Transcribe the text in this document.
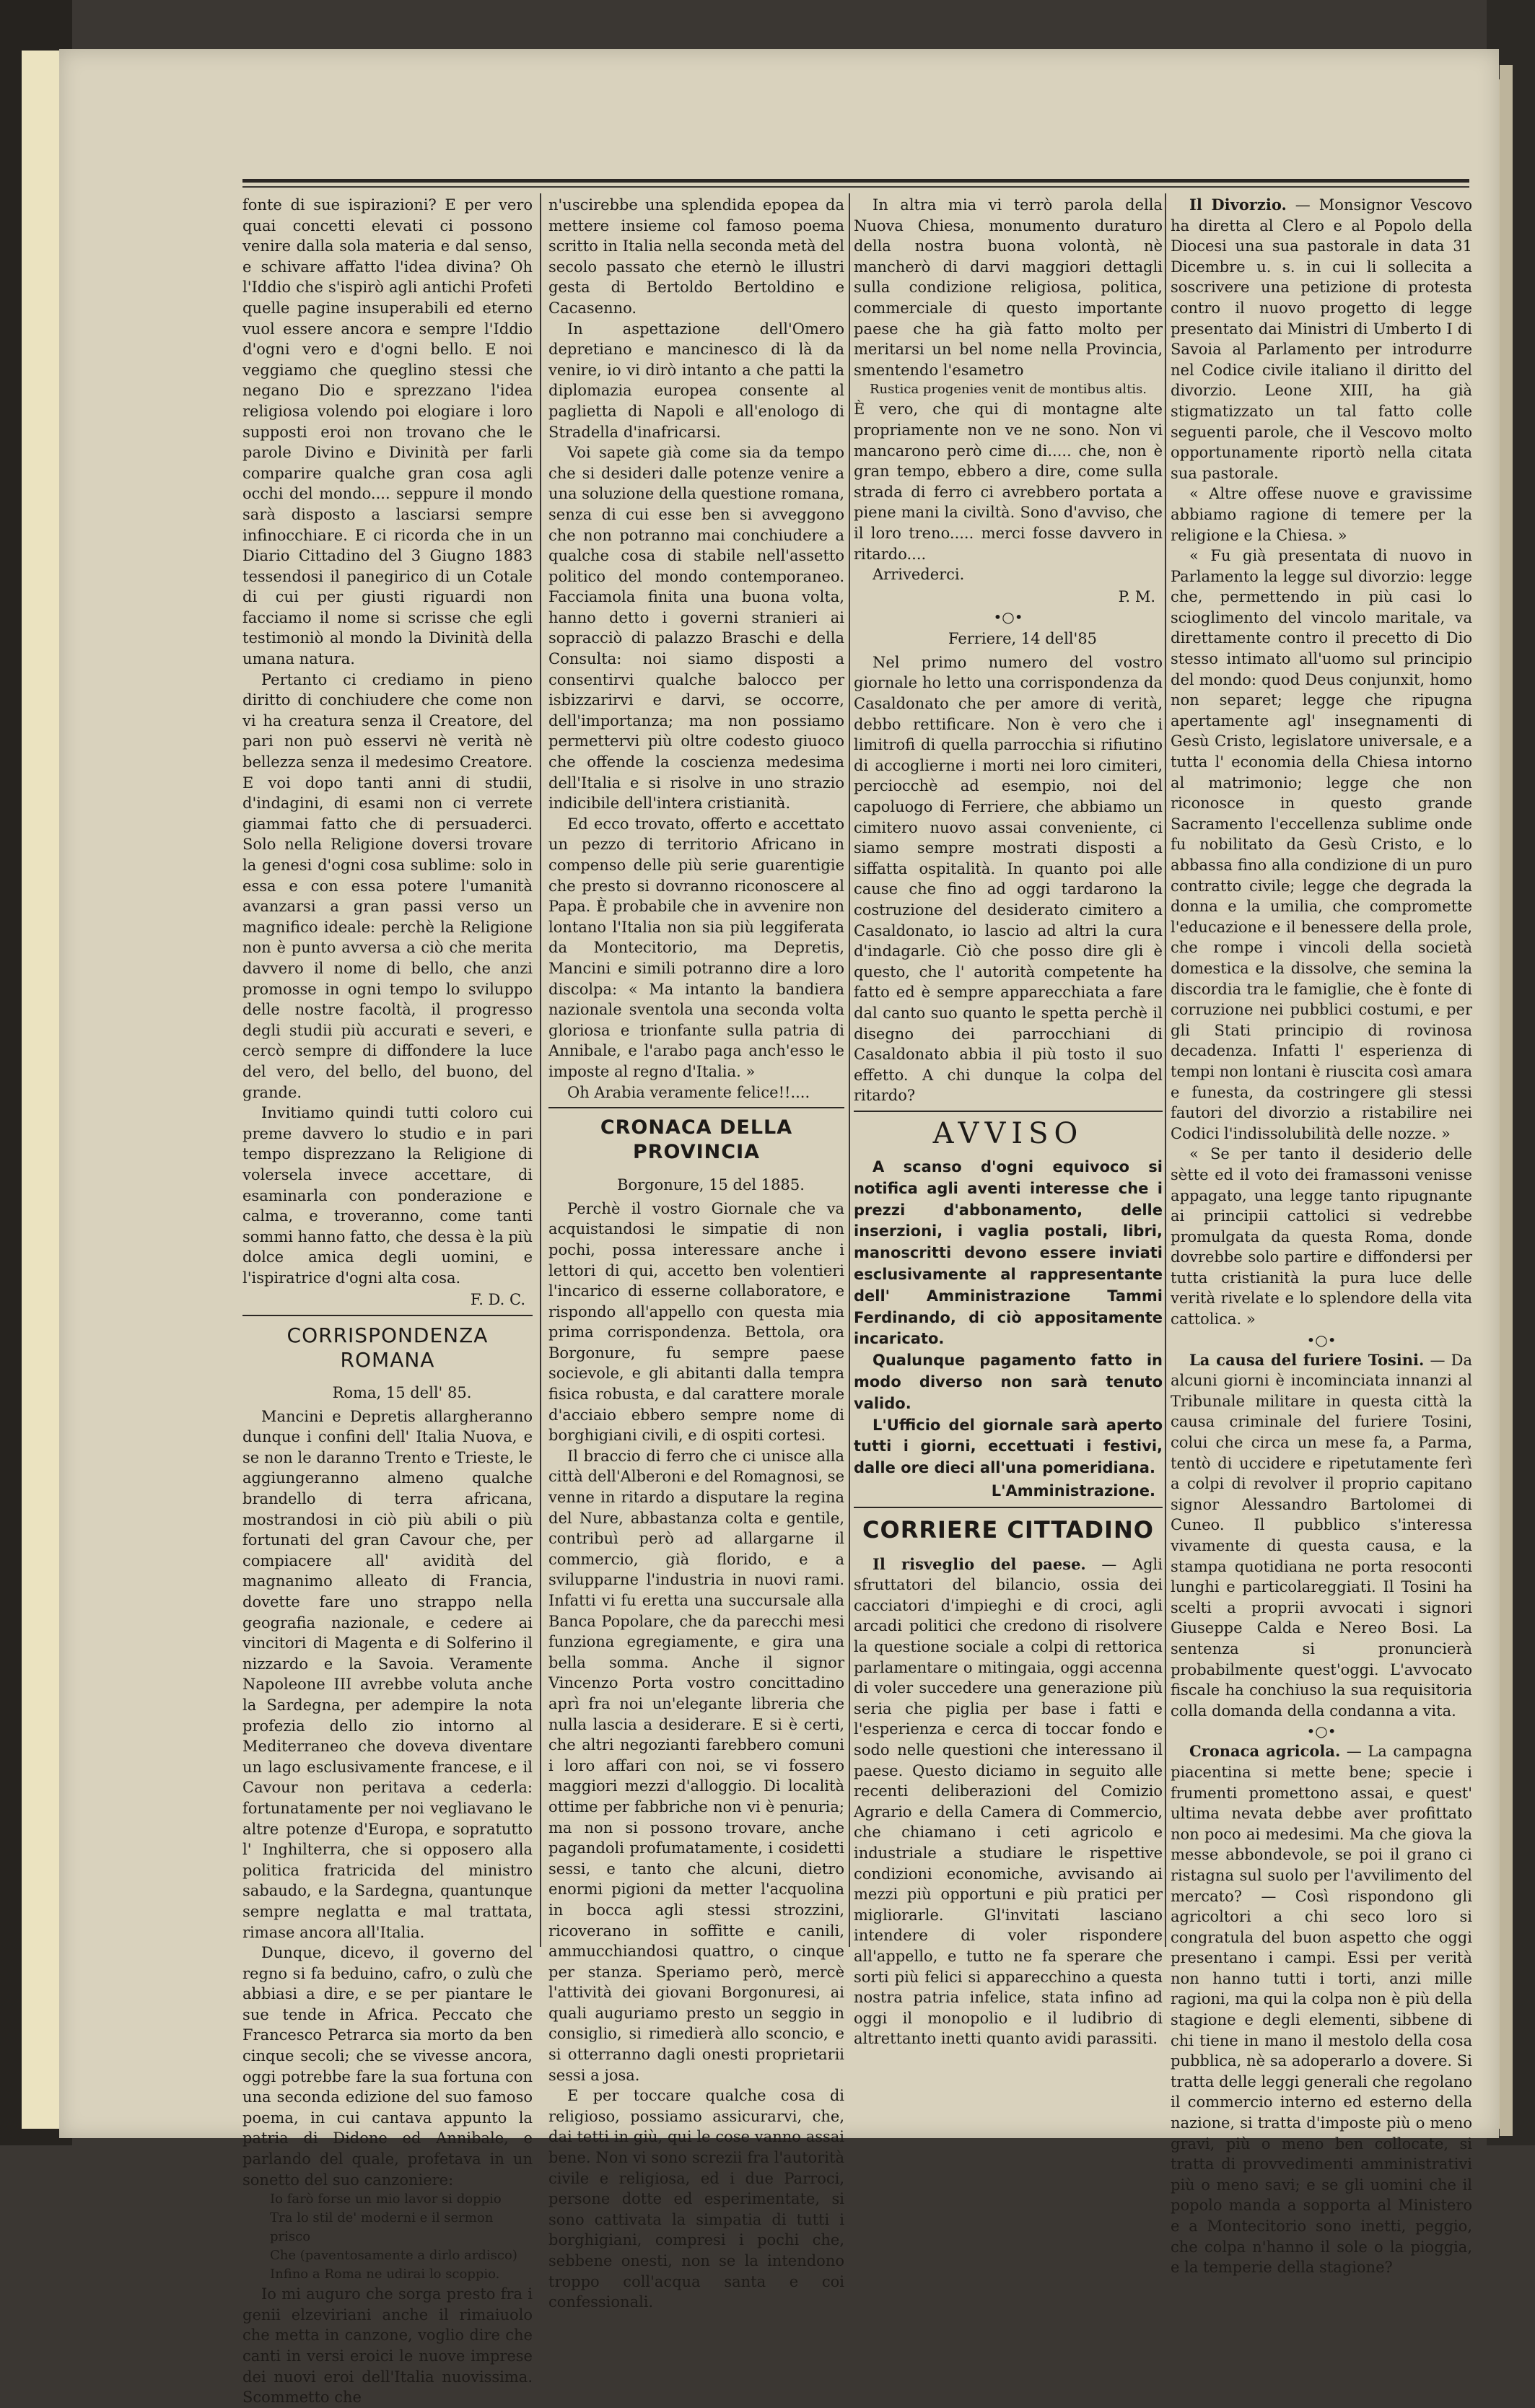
fonte di sue ispirazioni? E per vero quai concetti elevati ci possono venire dalla sola materia e dal senso, e schivare affatto l'idea divina? Oh l'Iddio che s'ispirò agli antichi Profeti quelle pagine insuperabili ed eterno vuol essere ancora e sempre l'Iddio d'ogni vero e d'ogni bello. E noi veggiamo che queglino stessi che negano Dio e sprezzano l'idea religiosa volendo poi elogiare i loro supposti eroi non trovano che le parole Divino e Divinità per farli comparire qualche gran cosa agli occhi del mondo.... seppure il mondo sarà disposto a lasciarsi sempre infinocchiare. E ci ricorda che in un Diario Cittadino del 3 Giugno 1883 tessendosi il panegirico di un Cotale di cui per giusti riguardi non facciamo il nome si scrisse che egli testimoniò al mondo la Divinità della umana natura.

Pertanto ci crediamo in pieno diritto di conchiudere che come non vi ha creatura senza il Creatore, del pari non può esservi nè verità nè bellezza senza il medesimo Creatore. E voi dopo tanti anni di studii, d'indagini, di esami non ci verrete giammai fatto che di persuaderci. Solo nella Religione doversi trovare la genesi d'ogni cosa sublime: solo in essa e con essa potere l'umanità avanzarsi a gran passi verso un magnifico ideale: perchè la Religione non è punto avversa a ciò che merita davvero il nome di bello, che anzi promosse in ogni tempo lo sviluppo delle nostre facoltà, il progresso degli studii più accurati e severi, e cercò sempre di diffondere la luce del vero, del bello, del buono, del grande.

Invitiamo quindi tutti coloro cui preme davvero lo studio e in pari tempo disprezzano la Religione di volersela invece accettare, di esaminarla con ponderazione e calma, e troveranno, come tanti sommi hanno fatto, che dessa è la più dolce amica degli uomini, e l'ispiratrice d'ogni alta cosa.

F. D. C.
CORRISPONDENZA ROMANA
Roma, 15 dell' 85.

Mancini e Depretis allargheranno dunque i confini dell' Italia Nuova, e se non le daranno Trento e Trieste, le aggiungeranno almeno qualche brandello di terra africana, mostrandosi in ciò più abili o più fortunati del gran Cavour che, per compiacere all' avidità del magnanimo alleato di Francia, dovette fare uno strappo nella geografia nazionale, e cedere ai vincitori di Magenta e di Solferino il nizzardo e la Savoia. Veramente Napoleone III avrebbe voluta anche la Sardegna, per adempire la nota profezia dello zio intorno al Mediterraneo che doveva diventare un lago esclusivamente francese, e il Cavour non peritava a cederla: fortunatamente per noi vegliavano le altre potenze d'Europa, e sopratutto l' Inghilterra, che si opposero alla politica fratricida del ministro sabaudo, e la Sardegna, quantunque sempre neglatta e mal trattata, rimase ancora all'Italia.

Dunque, dicevo, il governo del regno si fa beduino, cafro, o zulù che abbiasi a dire, e se per piantare le sue tende in Africa. Peccato che Francesco Petrarca sia morto da ben cinque secoli; che se vivesse ancora, oggi potrebbe fare la sua fortuna con una seconda edizione del suo famoso poema, in cui cantava appunto la patria di Didone ed Annibale, e parlando del quale, profetava in un sonetto del suo canzoniere:

Io farò forse un mio lavor si doppio
Tra lo stil de' moderni e il sermon prisco
Che (paventosamente a dirlo ardisco)
Infino a Roma ne udirai lo scoppio.

Io mi auguro che sorga presto fra i genii elzeviriani anche il rimaiuolo che metta in canzone, voglio dire che canti in versi eroici le nuove imprese dei nuovi eroi dell'Italia nuovissima. Scommetto che

n'uscirebbe una splendida epopea da mettere insieme col famoso poema scritto in Italia nella seconda metà del secolo passato che eternò le illustri gesta di Bertoldo Bertoldino e Cacasenno.

In aspettazione dell'Omero depretiano e mancinesco di là da venire, io vi dirò intanto a che patti la diplomazia europea consente al paglietta di Napoli e all'enologo di Stradella d'inafricarsi.

Voi sapete già come sia da tempo che si desideri dalle potenze venire a una soluzione della questione romana, senza di cui esse ben si avveggono che non potranno mai conchiudere a qualche cosa di stabile nell'assetto politico del mondo contemporaneo. Facciamola finita una buona volta, hanno detto i governi stranieri ai sopracciò di palazzo Braschi e della Consulta: noi siamo disposti a consentirvi qualche balocco per isbizzarirvi e darvi, se occorre, dell'importanza; ma non possiamo permettervi più oltre codesto giuoco che offende la coscienza medesima dell'Italia e si risolve in uno strazio indicibile dell'intera cristianità.

Ed ecco trovato, offerto e accettato un pezzo di territorio Africano in compenso delle più serie guarentigie che presto si dovranno riconoscere al Papa. È probabile che in avvenire non lontano l'Italia non sia più leggiferata da Montecitorio, ma Depretis, Mancini e simili potranno dire a loro discolpa: « Ma intanto la bandiera nazionale sventola una seconda volta gloriosa e trionfante sulla patria di Annibale, e l'arabo paga anch'esso le imposte al regno d'Italia. »

Oh Arabia veramente felice!!....

CRONACA DELLA PROVINCIA
Borgonure, 15 del 1885.

Perchè il vostro Giornale che va acquistandosi le simpatie di non pochi, possa interessare anche i lettori di qui, accetto ben volentieri l'incarico di esserne collaboratore, e rispondo all'appello con questa mia prima corrispondenza. Bettola, ora Borgonure, fu sempre paese socievole, e gli abitanti dalla tempra fisica robusta, e dal carattere morale d'acciaio ebbero sempre nome di borghigiani civili, e di ospiti cortesi.

Il braccio di ferro che ci unisce alla città dell'Alberoni e del Romagnosi, se venne in ritardo a disputare la regina del Nure, abbastanza colta e gentile, contribuì però ad allargarne il commercio, già florido, e a svilupparne l'industria in nuovi rami. Infatti vi fu eretta una succursale alla Banca Popolare, che da parecchi mesi funziona egregiamente, e gira una bella somma. Anche il signor Vincenzo Porta vostro concittadino aprì fra noi un'elegante libreria che nulla lascia a desiderare. E si è certi, che altri negozianti farebbero comuni i loro affari con noi, se vi fossero maggiori mezzi d'alloggio. Di località ottime per fabbriche non vi è penuria; ma non si possono trovare, anche pagandoli profumatamente, i cosidetti sessi, e tanto che alcuni, dietro enormi pigioni da metter l'acquolina in bocca agli stessi strozzini, ricoverano in soffitte e canili, ammucchiandosi quattro, o cinque per stanza. Speriamo però, mercè l'attività dei giovani Borgonuresi, ai quali auguriamo presto un seggio in consiglio, si rimedierà allo sconcio, e si otterranno dagli onesti proprietarii sessi a josa.

E per toccare qualche cosa di religioso, possiamo assicurarvi, che, dai tetti in giù, qui le cose vanno assai bene. Non vi sono screzii fra l'autorità civile e religiosa, ed i due Parroci, persone dotte ed esperimentate, si sono cattivata la simpatia di tutti i borghigiani, compresi i pochi che, sebbene onesti, non se la intendono troppo coll'acqua santa e coi confessionali.

In altra mia vi terrò parola della Nuova Chiesa, monumento duraturo della nostra buona volontà, nè mancherò di darvi maggiori dettagli sulla condizione religiosa, politica, commerciale di questo importante paese che ha già fatto molto per meritarsi un bel nome nella Provincia, smentendo l'esametro

Rustica progenies venit de montibus altis.

È vero, che qui di montagne alte propriamente non ve ne sono. Non vi mancarono però cime di..... che, non è gran tempo, ebbero a dire, come sulla strada di ferro ci avrebbero portata a piene mani la civiltà. Sono d'avviso, che il loro treno..... merci fosse davvero in ritardo....

Arrivederci.

P. M.
•○•
Ferriere, 14 dell'85

Nel primo numero del vostro giornale ho letto una corrispondenza da Casaldonato che per amore di verità, debbo rettificare. Non è vero che i limitrofi di quella parrocchia si rifiutino di accoglierne i morti nei loro cimiteri, perciocchè ad esempio, noi del capoluogo di Ferriere, che abbiamo un cimitero nuovo assai conveniente, ci siamo sempre mostrati disposti a siffatta ospitalità. In quanto poi alle cause che fino ad oggi tardarono la costruzione del desiderato cimitero a Casaldonato, io lascio ad altri la cura d'indagarle. Ciò che posso dire gli è questo, che l' autorità competente ha fatto ed è sempre apparecchiata a fare dal canto suo quanto le spetta perchè il disegno dei parrocchiani di Casaldonato abbia il più tosto il suo effetto. A chi dunque la colpa del ritardo?

AVVISO

A scanso d'ogni equivoco si notifica agli aventi interesse che i prezzi d'abbonamento, delle inserzioni, i vaglia postali, libri, manoscritti devono essere inviati esclusivamente al rappresentante dell' Amministrazione Tammi Ferdinando, di ciò appositamente incaricato.

Qualunque pagamento fatto in modo diverso non sarà tenuto valido.

L'Ufficio del giornale sarà aperto tutti i giorni, eccettuati i festivi, dalle ore dieci all'una pomeridiana.

L'Amministrazione.
CORRIERE CITTADINO

Il risveglio del paese. — Agli sfruttatori del bilancio, ossia dei cacciatori d'impieghi e di croci, agli arcadi politici che credono di risolvere la questione sociale a colpi di rettorica parlamentare o mitingaia, oggi accenna di voler succedere una generazione più seria che piglia per base i fatti e l'esperienza e cerca di toccar fondo e sodo nelle questioni che interessano il paese. Questo diciamo in seguito alle recenti deliberazioni del Comizio Agrario e della Camera di Commercio, che chiamano i ceti agricolo e industriale a studiare le rispettive condizioni economiche, avvisando ai mezzi più opportuni e più pratici per migliorarle. Gl'invitati lasciano intendere di voler rispondere all'appello, e tutto ne fa sperare che sorti più felici si apparecchino a questa nostra patria infelice, stata infino ad oggi il monopolio e il ludibrio di altrettanto inetti quanto avidi parassiti.

Il Divorzio. — Monsignor Vescovo ha diretta al Clero e al Popolo della Diocesi una sua pastorale in data 31 Dicembre u. s. in cui li sollecita a soscrivere una petizione di protesta contro il nuovo progetto di legge presentato dai Ministri di Umberto I di Savoia al Parlamento per introdurre nel Codice civile italiano il diritto del divorzio. Leone XIII, ha già stigmatizzato un tal fatto colle seguenti parole, che il Vescovo molto opportunamente riportò nella citata sua pastorale.

« Altre offese nuove e gravissime abbiamo ragione di temere per la religione e la Chiesa. »

« Fu già presentata di nuovo in Parlamento la legge sul divorzio: legge che, permettendo in più casi lo scioglimento del vincolo maritale, va direttamente contro il precetto di Dio stesso intimato all'uomo sul principio del mondo: quod Deus conjunxit, homo non separet; legge che ripugna apertamente agl' insegnamenti di Gesù Cristo, legislatore universale, e a tutta l' economia della Chiesa intorno al matrimonio; legge che non riconosce in questo grande Sacramento l'eccellenza sublime onde fu nobilitato da Gesù Cristo, e lo abbassa fino alla condizione di un puro contratto civile; legge che degrada la donna e la umilia, che compromette l'educazione e il benessere della prole, che rompe i vincoli della società domestica e la dissolve, che semina la discordia tra le famiglie, che è fonte di corruzione nei pubblici costumi, e per gli Stati principio di rovinosa decadenza. Infatti l' esperienza di tempi non lontani è riuscita così amara e funesta, da costringere gli stessi fautori del divorzio a ristabilire nei Codici l'indissolubilità delle nozze. »

« Se per tanto il desiderio delle sètte ed il voto dei framassoni venisse appagato, una legge tanto ripugnante ai principii cattolici si vedrebbe promulgata da questa Roma, donde dovrebbe solo partire e diffondersi per tutta cristianità la pura luce delle verità rivelate e lo splendore della vita cattolica. »

•○•

La causa del furiere Tosini. — Da alcuni giorni è incominciata innanzi al Tribunale militare in questa città la causa criminale del furiere Tosini, colui che circa un mese fa, a Parma, tentò di uccidere e ripetutamente ferì a colpi di revolver il proprio capitano signor Alessandro Bartolomei di Cuneo. Il pubblico s'interessa vivamente di questa causa, e la stampa quotidiana ne porta resoconti lunghi e particolareggiati. Il Tosini ha scelti a proprii avvocati i signori Giuseppe Calda e Nereo Bosi. La sentenza si pronuncierà probabilmente quest'oggi. L'avvocato fiscale ha conchiuso la sua requisitoria colla domanda della condanna a vita.

•○•

Cronaca agricola. — La campagna piacentina si mette bene; specie i frumenti promettono assai, e quest' ultima nevata debbe aver profittato non poco ai medesimi. Ma che giova la messe abbondevole, se poi il grano ci ristagna sul suolo per l'avvilimento del mercato? — Così rispondono gli agricoltori a chi seco loro si congratula del buon aspetto che oggi presentano i campi. Essi per verità non hanno tutti i torti, anzi mille ragioni, ma qui la colpa non è più della stagione e degli elementi, sibbene di chi tiene in mano il mestolo della cosa pubblica, nè sa adoperarlo a dovere. Si tratta delle leggi generali che regolano il commercio interno ed esterno della nazione, si tratta d'imposte più o meno gravi, più o meno ben collocate, si tratta di provvedimenti amministrativi più o meno savi; e se gli uomini che il popolo manda a sopporta al Ministero e a Montecitorio sono inetti, peggio, che colpa n'hanno il sole o la pioggia, e la temperie della stagione?
